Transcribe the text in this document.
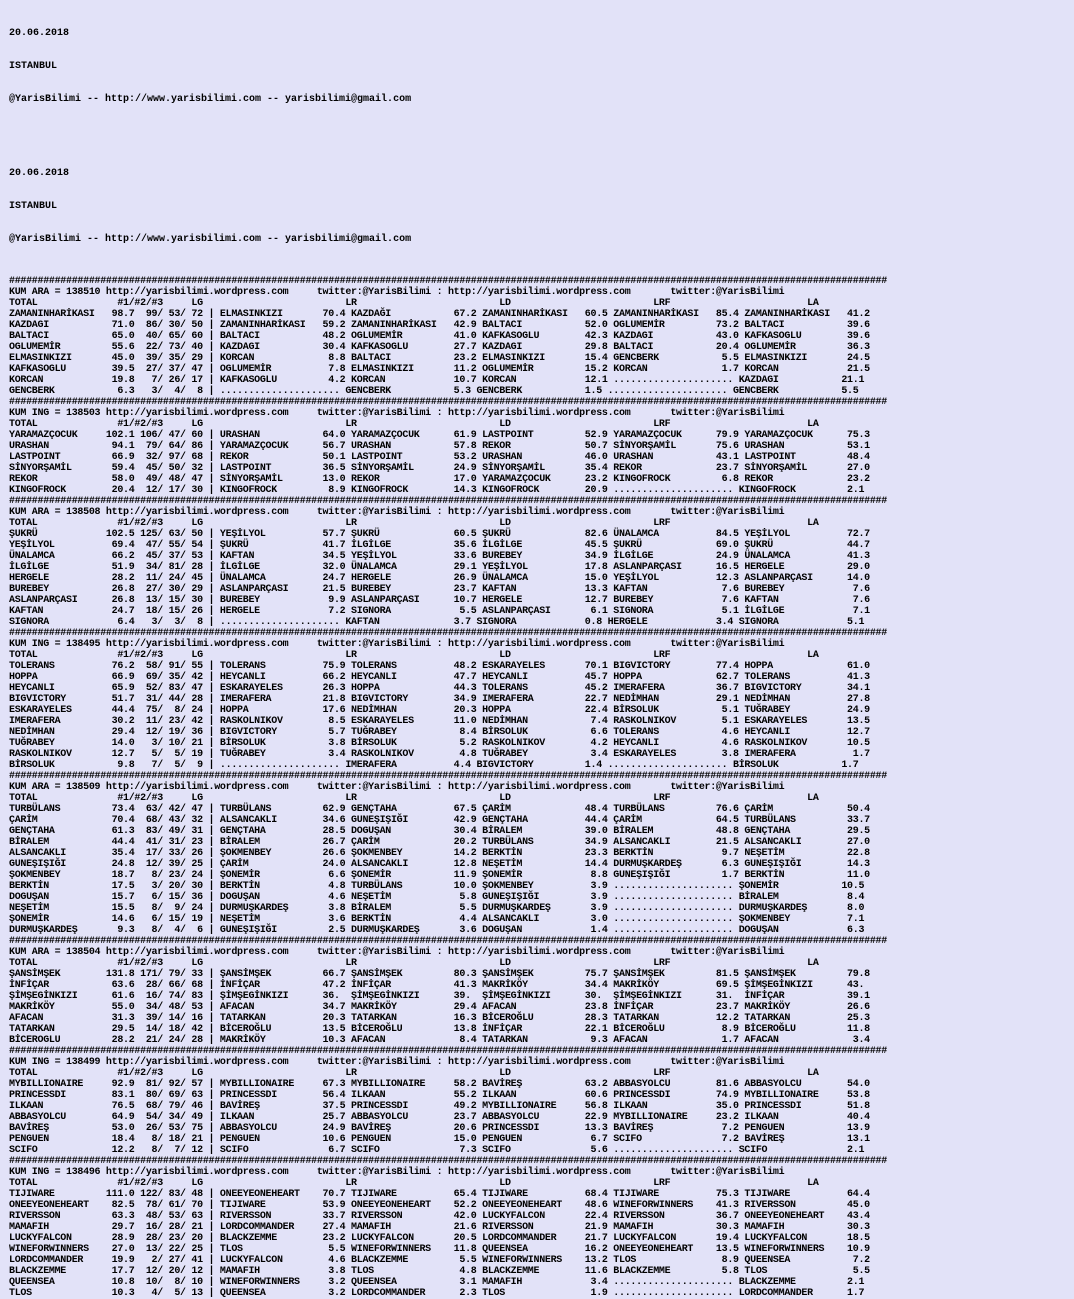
20.06.2018

ISTANBUL

@YarisBilimi -- http://www.yarisbilimi.com -- yarisbilimi@gmail.com

20.06.2018

ISTANBUL

@YarisBilimi -- http://www.yarisbilimi.com -- yarisbilimi@gmail.com

##########################################################################################################################################################
KUM ARA = 138510 http://yarisbilimi.wordpress.com     twitter:@YarisBilimi : http://yarisbilimi.wordpress.com       twitter:@YarisBilimi
TOTAL              #1/#2/#3     LG                         LR                         LD                         LRF                        LA
ZAMANINHARİKASI   98.7  99/ 53/ 72 | ELMASINKIZI       70.4 KAZDAĞI           67.2 ZAMANINHARİKASI   60.5 ZAMANINHARİKASI   85.4 ZAMANINHARİKASI   41.2
KAZDAGI           71.0  86/ 30/ 50 | ZAMANINHARİKASI   59.2 ZAMANINHARİKASI   42.9 BALTACI           52.0 OGLUMEMİR         73.2 BALTACI           39.6
BALTACI           65.0  40/ 65/ 60 | BALTACI           48.2 OGLUMEMİR         41.0 KAFKASOGLU        42.3 KAZDAGI           43.0 KAFKASOGLU        39.6
OGLUMEMİR         55.6  22/ 73/ 40 | KAZDAGI           30.4 KAFKASOGLU        27.7 KAZDAGI           29.8 BALTACI           20.4 OGLUMEMİR         36.3
ELMASINKIZI       45.0  39/ 35/ 29 | KORCAN             8.8 BALTACI           23.2 ELMASINKIZI       15.4 GENCBERK           5.5 ELMASINKIZI       24.5
KAFKASOGLU        39.5  27/ 37/ 47 | OGLUMEMİR          7.8 ELMASINKIZI       11.2 OGLUMEMİR         15.2 KORCAN             1.7 KORCAN            21.5
KORCAN            19.8   7/ 26/ 17 | KAFKASOGLU         4.2 KORCAN            10.7 KORCAN            12.1 ..................... KAZDAGI           21.1
GENCBERK           6.3   3/  4/  8 | ..................... GENCBERK           5.3 GENCBERK           1.5 ..................... GENCBERK           5.5
##########################################################################################################################################################
KUM ING = 138503 http://yarisbilimi.wordpress.com     twitter:@YarisBilimi : http://yarisbilimi.wordpress.com       twitter:@YarisBilimi
TOTAL              #1/#2/#3     LG                         LR                         LD                         LRF                        LA
YARAMAZÇOCUK     102.1 106/ 47/ 60 | URASHAN           64.0 YARAMAZÇOCUK      61.9 LASTPOINT         52.9 YARAMAZÇOCUK      79.9 YARAMAZÇOCUK      75.3
URASHAN           94.1  79/ 64/ 86 | YARAMAZÇOCUK      56.7 URASHAN           57.8 REKOR             50.7 SİNYORŞAMİL       75.6 URASHAN           53.1
LASTPOINT         66.9  32/ 97/ 68 | REKOR             50.1 LASTPOINT         53.2 URASHAN           46.0 URASHAN           43.1 LASTPOINT         48.4
SİNYORŞAMİL       59.4  45/ 50/ 32 | LASTPOINT         36.5 SİNYORŞAMİL       24.9 SİNYORŞAMİL       35.4 REKOR             23.7 SİNYORŞAMİL       27.0
REKOR             58.0  49/ 48/ 47 | SİNYORŞAMİL       13.0 REKOR             17.0 YARAMAZÇOCUK      23.2 KINGOFROCK         6.8 REKOR             23.2
KINGOFROCK        20.4  12/ 17/ 30 | KINGOFROCK         8.9 KINGOFROCK        14.3 KINGOFROCK        20.9 ..................... KINGOFROCK         2.1
##########################################################################################################################################################
KUM ARA = 138508 http://yarisbilimi.wordpress.com     twitter:@YarisBilimi : http://yarisbilimi.wordpress.com       twitter:@YarisBilimi
TOTAL              #1/#2/#3     LG                         LR                         LD                         LRF                        LA
ŞUKRÜ            102.5 125/ 63/ 50 | YEŞİLYOL          57.7 ŞUKRÜ             60.5 ŞUKRÜ             82.6 ÜNALAMCA          84.5 YEŞİLYOL          72.7
YEŞİLYOL          69.4  47/ 55/ 54 | ŞUKRÜ             41.7 İLGİLGE           35.6 İLGİLGE           45.5 ŞUKRÜ             69.0 ŞUKRÜ             44.7
ÜNALAMCA          66.2  45/ 37/ 53 | KAFTAN            34.5 YEŞİLYOL          33.6 BUREBEY           34.9 İLGİLGE           24.9 ÜNALAMCA          41.3
İLGİLGE           51.9  34/ 81/ 28 | İLGİLGE           32.0 ÜNALAMCA          29.1 YEŞİLYOL          17.8 ASLANPARÇASI      16.5 HERGELE           29.0
HERGELE           28.2  11/ 24/ 45 | ÜNALAMCA          24.7 HERGELE           26.9 ÜNALAMCA          15.0 YEŞİLYOL          12.3 ASLANPARÇASI      14.0
BUREBEY           26.8  27/ 30/ 29 | ASLANPARÇASI      21.5 BUREBEY           23.7 KAFTAN            13.3 KAFTAN             7.6 BUREBEY            7.6
ASLANPARÇASI      26.8  13/ 15/ 30 | BUREBEY            9.9 ASLANPARÇASI      10.7 HERGELE           12.7 BUREBEY            7.6 KAFTAN             7.6
KAFTAN            24.7  18/ 15/ 26 | HERGELE            7.2 SIGNORA            5.5 ASLANPARÇASI       6.1 SIGNORA            5.1 İLGİLGE            7.1
SIGNORA            6.4   3/  3/  8 | ..................... KAFTAN             3.7 SIGNORA            0.8 HERGELE            3.4 SIGNORA            5.1
##########################################################################################################################################################
KUM ING = 138495 http://yarisbilimi.wordpress.com     twitter:@YarisBilimi : http://yarisbilimi.wordpress.com       twitter:@YarisBilimi
TOTAL              #1/#2/#3     LG                         LR                         LD                         LRF                        LA
TOLERANS          76.2  58/ 91/ 55 | TOLERANS          75.9 TOLERANS          48.2 ESKARAYELES       70.1 BIGVICTORY        77.4 HOPPA             61.0
HOPPA             66.9  69/ 35/ 42 | HEYCANLI          66.2 HEYCANLI          47.7 HEYCANLI          45.7 HOPPA             62.7 TOLERANS          41.3
HEYCANLI          65.9  52/ 83/ 47 | ESKARAYELES       26.3 HOPPA             44.3 TOLERANS          45.2 IMERAFERA         36.7 BIGVICTORY        34.1
BIGVICTORY        51.7  31/ 44/ 28 | IMERAFERA         21.8 BIGVICTORY        34.9 IMERAFERA         22.7 NEDİMHAN          29.1 NEDİMHAN          27.8
ESKARAYELES       44.4  75/  8/ 24 | HOPPA             17.6 NEDİMHAN          20.3 HOPPA             22.4 BİRSOLUK           5.1 TUĞRABEY          24.9
IMERAFERA         30.2  11/ 23/ 42 | RASKOLNIKOV        8.5 ESKARAYELES       11.0 NEDİMHAN           7.4 RASKOLNIKOV        5.1 ESKARAYELES       13.5
NEDİMHAN          29.4  12/ 19/ 36 | BIGVICTORY         5.7 TUĞRABEY           8.4 BİRSOLUK           6.6 TOLERANS           4.6 HEYCANLI          12.7
TUĞRABEY          14.0   3/ 10/ 21 | BİRSOLUK           3.8 BİRSOLUK           5.2 RASKOLNIKOV        4.2 HEYCANLI           4.6 RASKOLNIKOV       10.5
RASKOLNIKOV       12.7   5/  5/ 19 | TUĞRABEY           3.4 RASKOLNIKOV        4.8 TUĞRABEY           3.4 ESKARAYELES        3.8 IMERAFERA          1.7
BİRSOLUK           9.8   7/  5/  9 | ..................... IMERAFERA          4.4 BIGVICTORY         1.4 ..................... BİRSOLUK           1.7
##########################################################################################################################################################
KUM ARA = 138509 http://yarisbilimi.wordpress.com     twitter:@YarisBilimi : http://yarisbilimi.wordpress.com       twitter:@YarisBilimi
TOTAL              #1/#2/#3     LG                         LR                         LD                         LRF                        LA
TURBÜLANS         73.4  63/ 42/ 47 | TURBÜLANS         62.9 GENÇTAHA          67.5 ÇARİM             48.4 TURBÜLANS         76.6 ÇARİM             50.4
ÇARİM             70.4  68/ 43/ 32 | ALSANCAKLI        34.6 GUNEŞIŞIĞI        42.9 GENÇTAHA          44.4 ÇARİM             64.5 TURBÜLANS         33.7
GENÇTAHA          61.3  83/ 49/ 31 | GENÇTAHA          28.5 DOGUŞAN           30.4 BİRALEM           39.0 BİRALEM           48.8 GENÇTAHA          29.5
BİRALEM           44.4  41/ 31/ 23 | BİRALEM           26.7 ÇARİM             20.2 TURBÜLANS         34.9 ALSANCAKLI        21.5 ALSANCAKLI        27.0
ALSANCAKLI        35.4  17/ 33/ 26 | ŞOKMENBEY         26.6 ŞOKMENBEY         14.2 BERKTİN           23.3 BERKTİN            9.7 NEŞETİM           22.8
GUNEŞIŞIĞI        24.8  12/ 39/ 25 | ÇARİM             24.0 ALSANCAKLI        12.8 NEŞETİM           14.4 DURMUŞKARDEŞ       6.3 GUNEŞIŞIĞI        14.3
ŞOKMENBEY         18.7   8/ 23/ 24 | ŞONEMİR            6.6 ŞONEMİR           11.9 ŞONEMİR            8.8 GUNEŞIŞIĞI         1.7 BERKTİN           11.0
BERKTİN           17.5   3/ 20/ 30 | BERKTİN            4.8 TURBÜLANS         10.0 ŞOKMENBEY          3.9 ..................... ŞONEMİR           10.5
DOGUŞAN           15.7   6/ 15/ 36 | DOGUŞAN            4.6 NEŞETİM            5.8 GUNEŞIŞIĞI         3.9 ..................... BİRALEM            8.4
NEŞETİM           15.5   8/  9/ 24 | DURMUŞKARDEŞ       3.8 BİRALEM            5.5 DURMUŞKARDEŞ       3.9 ..................... DURMUŞKARDEŞ       8.0
ŞONEMİR           14.6   6/ 15/ 19 | NEŞETİM            3.6 BERKTİN            4.4 ALSANCAKLI         3.0 ..................... ŞOKMENBEY          7.1
DURMUŞKARDEŞ       9.3   8/  4/  6 | GUNEŞIŞIĞI         2.5 DURMUŞKARDEŞ       3.6 DOGUŞAN            1.4 ..................... DOGUŞAN            6.3
##########################################################################################################################################################
KUM ARA = 138504 http://yarisbilimi.wordpress.com     twitter:@YarisBilimi : http://yarisbilimi.wordpress.com       twitter:@YarisBilimi
TOTAL              #1/#2/#3     LG                         LR                         LD                         LRF                        LA
ŞANSİMŞEK        131.8 171/ 79/ 33 | ŞANSİMŞEK         66.7 ŞANSİMŞEK         80.3 ŞANSİMŞEK         75.7 ŞANSİMŞEK         81.5 ŞANSİMŞEK         79.8
İNFİÇAR           63.6  28/ 66/ 68 | İNFİÇAR           47.2 İNFİÇAR           41.3 MAKRİKÖY          34.4 MAKRİKÖY          69.5 ŞİMŞEGİNKIZI      43.
ŞİMŞEGİNKIZI      61.6  16/ 74/ 83 | ŞİMŞEGİNKIZI      36.  ŞİMŞEGİNKIZI      39.  ŞİMŞEGİNKIZI      30.  ŞİMŞEGİNKIZI      31.  İNFİÇAR           39.1
MAKRİKÖY          55.0  34/ 48/ 53 | AFACAN            34.7 MAKRİKÖY          29.4 AFACAN            23.8 İNFİÇAR           23.7 MAKRİKÖY          26.6
AFACAN            31.3  39/ 14/ 16 | TATARKAN          20.3 TATARKAN          16.3 BİCEROĞLU         28.3 TATARKAN          12.2 TATARKAN          25.3
TATARKAN          29.5  14/ 18/ 42 | BİCEROĞLU         13.5 BİCEROĞLU         13.8 İNFİÇAR           22.1 BİCEROĞLU          8.9 BİCEROĞLU         11.8
BİCEROGLU         28.2  21/ 24/ 28 | MAKRİKÖY          10.3 AFACAN             8.4 TATARKAN           9.3 AFACAN             1.7 AFACAN             3.4
##########################################################################################################################################################
KUM ING = 138499 http://yarisbilimi.wordpress.com     twitter:@YarisBilimi : http://yarisbilimi.wordpress.com       twitter:@YarisBilimi
TOTAL              #1/#2/#3     LG                         LR                         LD                         LRF                        LA
MYBILLIONAIRE     92.9  81/ 92/ 57 | MYBILLIONAIRE     67.3 MYBILLIONAIRE     58.2 BAVİREŞ           63.2 ABBASYOLCU        81.6 ABBASYOLCU        54.0
PRINCESSDI        83.1  80/ 69/ 63 | PRINCESSDI        56.4 ILKAAN            55.2 ILKAAN            60.6 PRINCESSDI        74.9 MYBILLIONAIRE     53.8
ILKAAN            76.5  68/ 79/ 46 | BAVİREŞ           37.5 PRINCESSDI        49.2 MYBILLIONAIRE     56.8 ILKAAN            35.0 PRINCESSDI        51.8
ABBASYOLCU        64.9  54/ 34/ 49 | ILKAAN            25.7 ABBASYOLCU        23.7 ABBASYOLCU        22.9 MYBILLIONAIRE     23.2 ILKAAN            40.4
BAVİREŞ           53.0  26/ 53/ 75 | ABBASYOLCU        24.9 BAVİREŞ           20.6 PRINCESSDI        13.3 BAVİREŞ            7.2 PENGUEN           13.9
PENGUEN           18.4   8/ 18/ 21 | PENGUEN           10.6 PENGUEN           15.0 PENGUEN            6.7 SCIFO              7.2 BAVİREŞ           13.1
SCIFO             12.2   8/  7/ 12 | SCIFO              6.7 SCIFO              7.3 SCIFO              5.6 ..................... SCIFO              2.1
##########################################################################################################################################################
KUM ING = 138496 http://yarisbilimi.wordpress.com     twitter:@YarisBilimi : http://yarisbilimi.wordpress.com       twitter:@YarisBilimi
TOTAL              #1/#2/#3     LG                         LR                         LD                         LRF                        LA
TIJIWARE         111.0 122/ 83/ 48 | ONEEYEONEHEART    70.7 TIJIWARE          65.4 TIJIWARE          68.4 TIJIWARE          75.3 TIJIWARE          64.4
ONEEYEONEHEART    82.5  78/ 61/ 70 | TIJIWARE          53.9 ONEEYEONEHEART    52.2 ONEEYEONEHEART    48.6 WINEFORWINNERS    41.3 RIVERSSON         45.0
RIVERSSON         63.3  48/ 53/ 63 | RIVERSSON         33.7 RIVERSSON         42.0 LUCKYFALCON       22.4 RIVERSSON         36.7 ONEEYEONEHEART    43.4
MAMAFIH           29.7  16/ 28/ 21 | LORDCOMMANDER     27.4 MAMAFIH           21.6 RIVERSSON         21.9 MAMAFIH           30.3 MAMAFIH           30.3
LUCKYFALCON       28.9  28/ 23/ 20 | BLACKZEMME        23.2 LUCKYFALCON       20.5 LORDCOMMANDER     21.7 LUCKYFALCON       19.4 LUCKYFALCON       18.5
WINEFORWINNERS    27.0  13/ 22/ 25 | TLOS               5.5 WINEFORWINNERS    11.8 QUEENSEA          16.2 ONEEYEONEHEART    13.5 WINEFORWINNERS    10.9
LORDCOMMANDER     19.9   2/ 27/ 41 | LUCKYFALCON        4.6 BLACKZEMME         5.5 WINEFORWINNERS    13.2 TLOS               8.9 QUEENSEA           7.2
BLACKZEMME        17.7  12/ 20/ 12 | MAMAFIH            3.8 TLOS               4.8 BLACKZEMME        11.6 BLACKZEMME         5.8 TLOS               5.5
QUEENSEA          10.8  10/  8/ 10 | WINEFORWINNERS     3.2 QUEENSEA           3.1 MAMAFIH            3.4 ..................... BLACKZEMME         2.1
TLOS              10.3   4/  5/ 13 | QUEENSEA           3.2 LORDCOMMANDER      2.3 TLOS               1.9 ..................... LORDCOMMANDER      1.7
